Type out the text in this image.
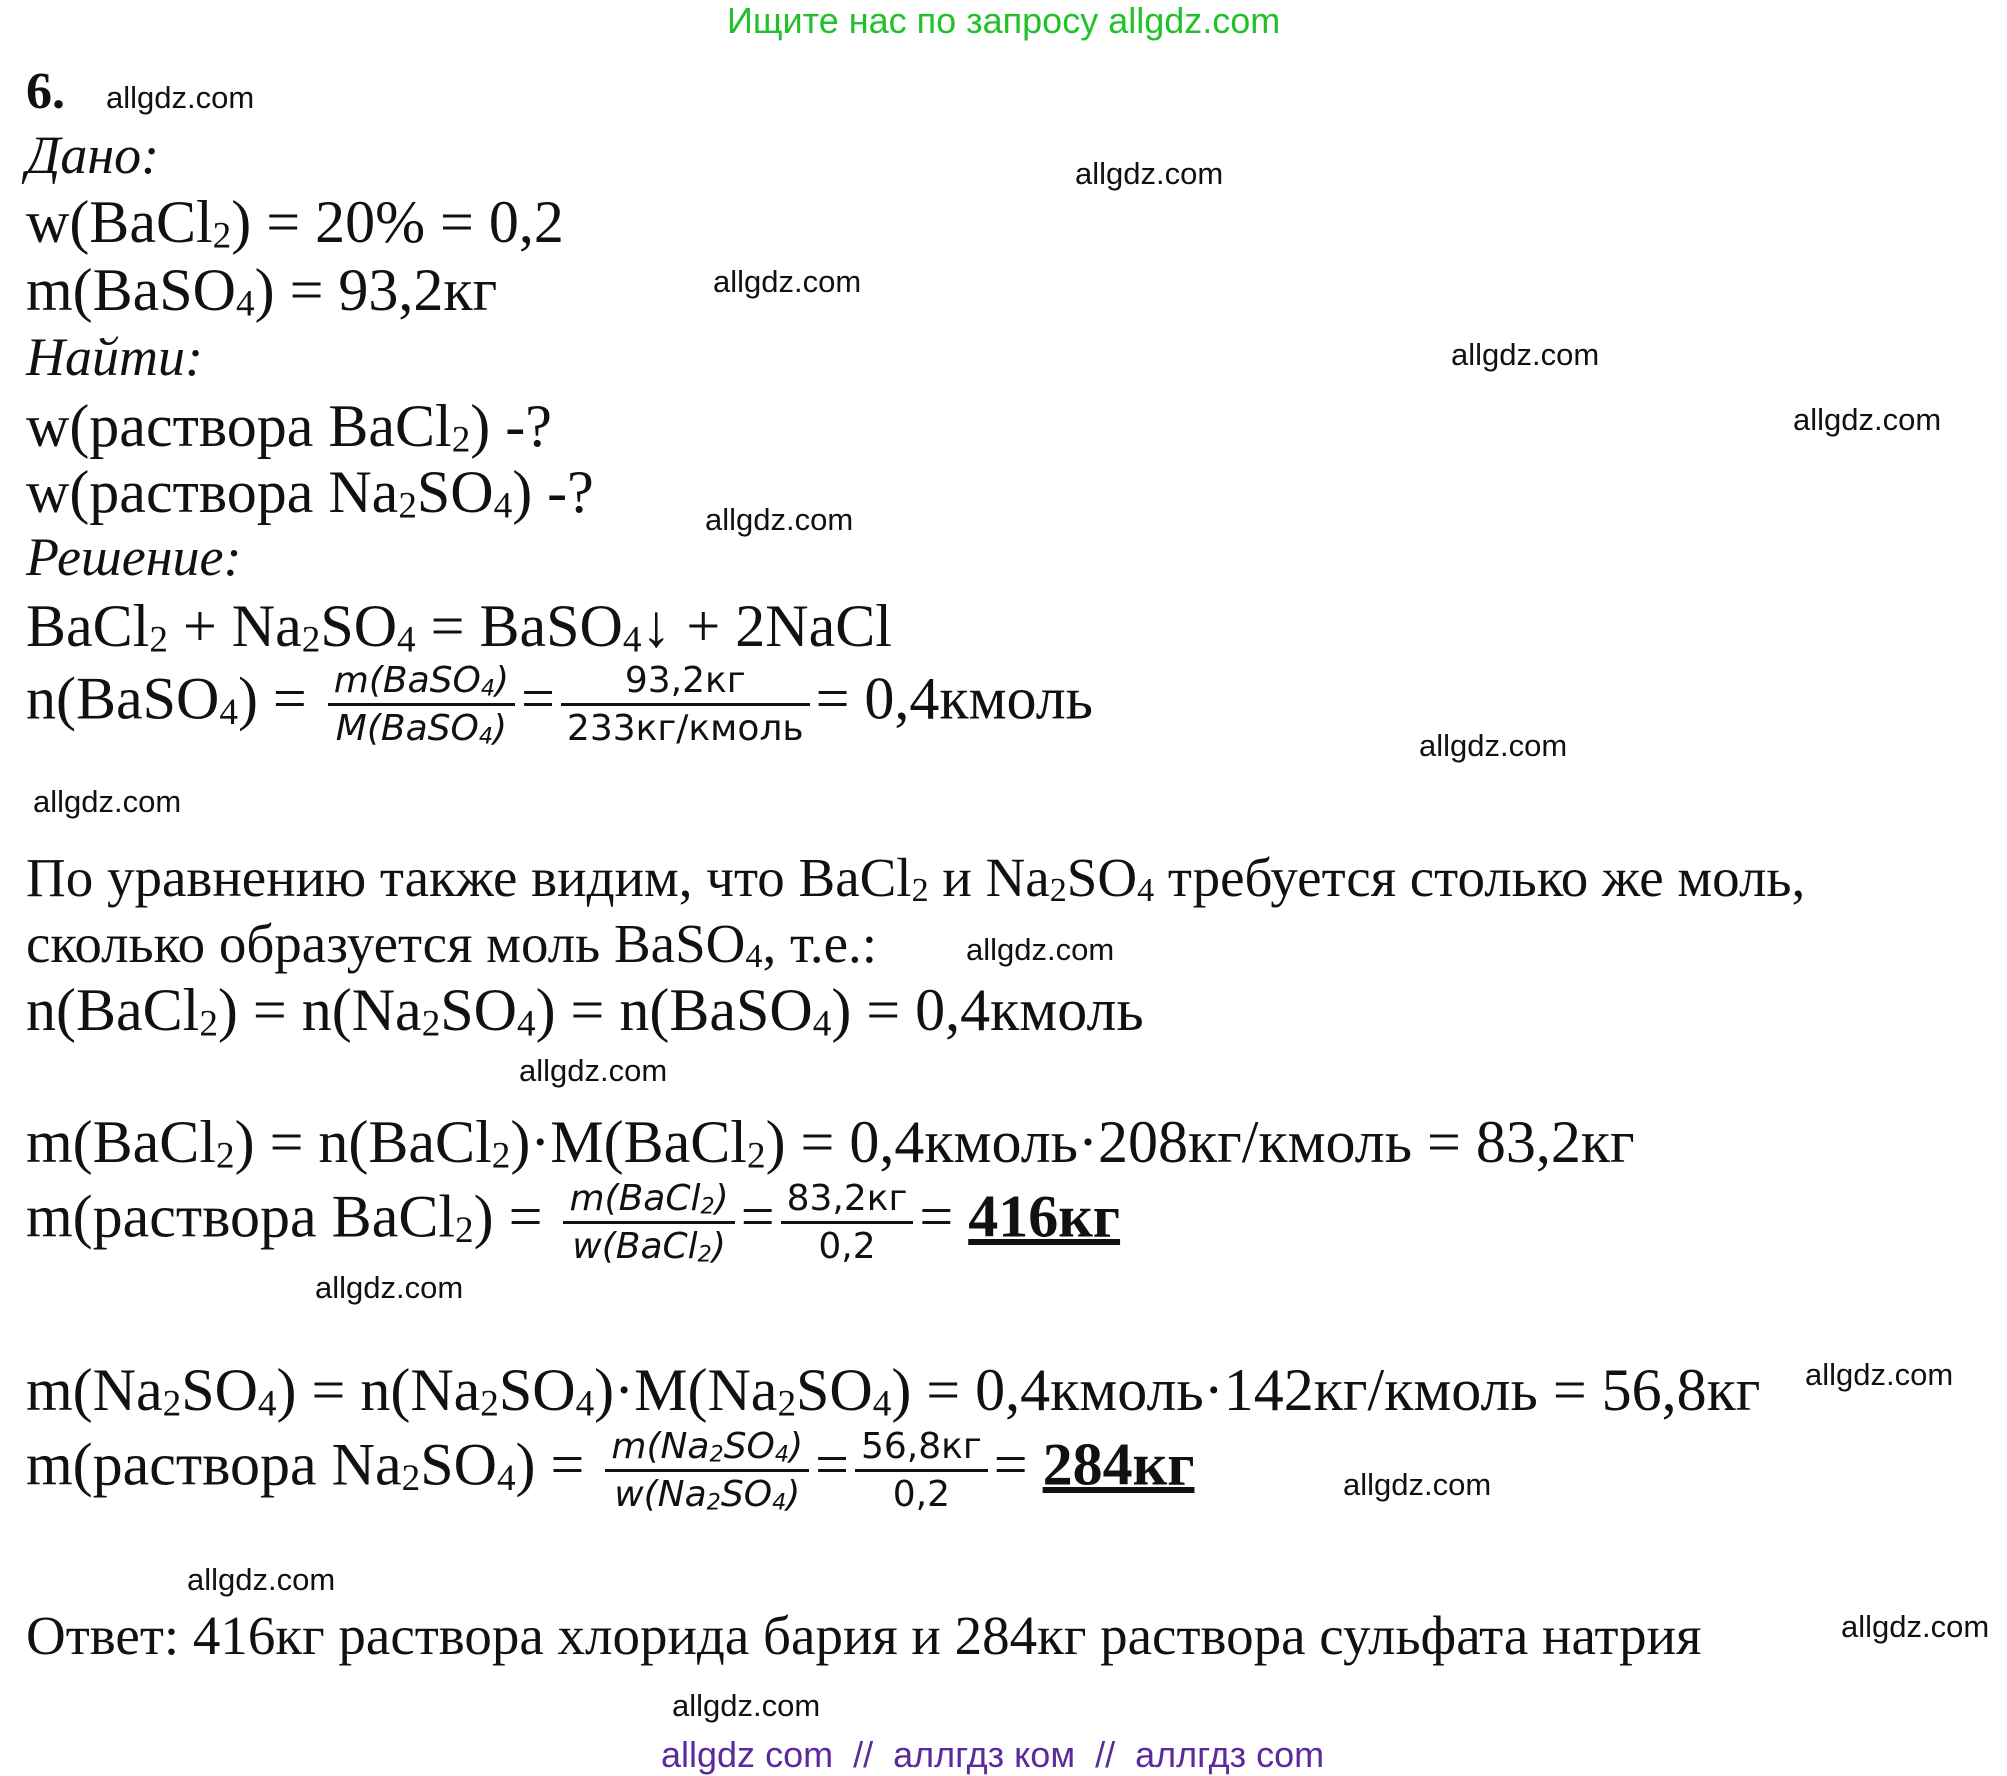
Ищите нас по запросу allgdz.com
6. allgdz.com
allgdz.com
allgdz.com
allgdz.com
allgdz.com
allgdz.com
allgdz.com
allgdz.com
allgdz.com
allgdz.com
allgdz.com
allgdz.com
allgdz.com
allgdz.com
allgdz.com
allgdz.com
Дано:
w(BaCl$_2$) = 20% = 0,2
m(BaSO$_4$) = 93,2кг
Найти:
w(раствора BaCl$_2$) -?
w(раствора $Na_2SO_4$) -?
Решение:
BaCl$_2$ + $Na_2SO_4$ = BaSO$_4$↓ + 2NaCl
n(BaSO$_4$) = $\frac{m(BaSO_4)}{M(BaSO_4)} = \frac{93,2кг}{\text{233кг/кмоль}}$ = 0,4кмоль
По уравнению также видим, что BaCl$_2$ и $Na_2SO_4$ требуется столько же моль,
сколько образуется моль BaSO$_4$, т.е.:
n(BaCl$_2$) = $n(Na_2SO_4)$ = n(BaSO$_4$) = 0,4кмоль
m(BaCl$_2$) = n(BaCl$_2$)·M(BaCl$_2$) = 0,4кмоль·208кг/кмоль = 83,2кг
m(раствора BaCl$_2$) = $\frac{m(BaCl_2)}{w(BaCl_2)} = \frac{83,2кг}{0,2} = 416кг$
$m(Na_2SO_4) = n(Na_2SO_4)\cdot M(Na_2SO_4)$ = 0,4кмоль·142кг/кмоль = 56,8кг
m(раствора $Na_2SO_4) = \frac{m(Na_2SO_4)}{w(Na_2SO_4)} = \frac{56,8кг}{0,2} = 284кг$
Ответ: 416кг раствора хлорида бария и 284кг раствора сульфата натрия
allgdz com  //  аллгдз ком  //  аллгдз com
